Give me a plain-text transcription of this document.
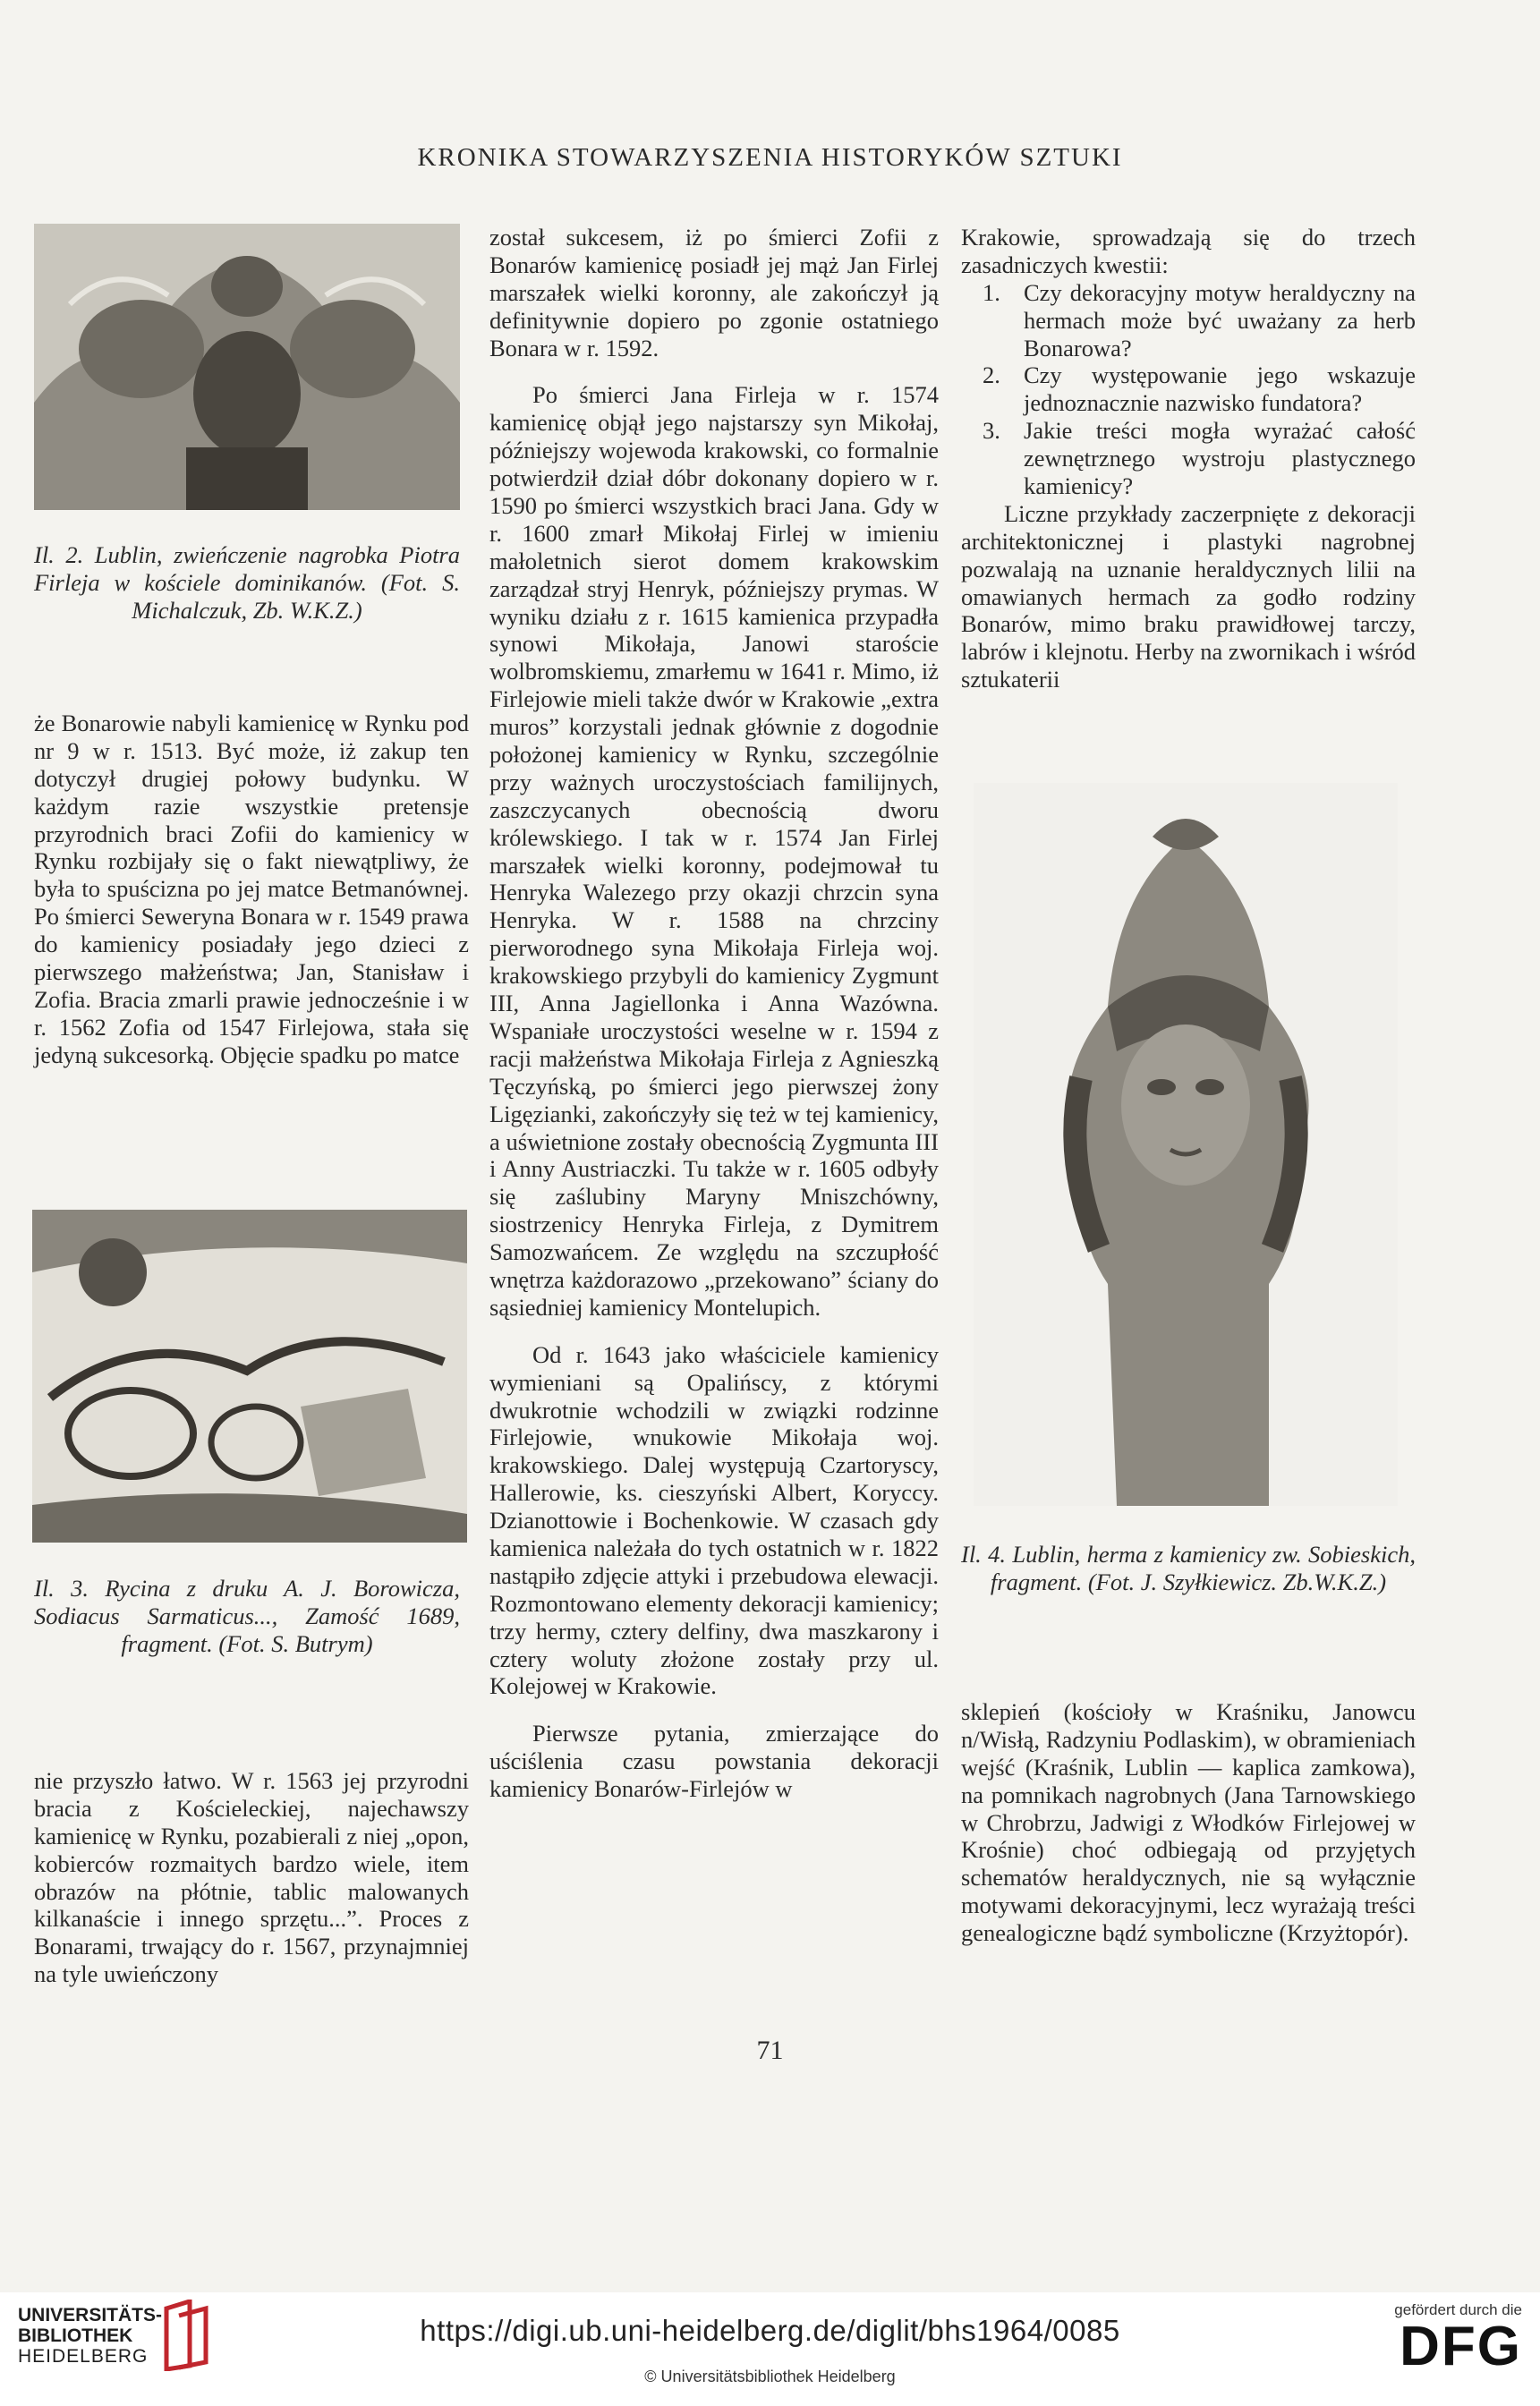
KRONIKA STOWARZYSZENIA HISTORYKÓW SZTUKI
Il. 2. Lublin, zwieńczenie nagrobka Piotra Firleja w kościele dominikanów. (Fot. S. Michalczuk, Zb. W.K.Z.)

że Bonarowie nabyli kamienicę w Rynku pod nr 9 w r. 1513. Być może, iż zakup ten dotyczył drugiej połowy budynku. W każdym razie wszystkie pretensje przyrodnich braci Zofii do kamienicy w Rynku rozbijały się o fakt niewątpliwy, że była to spuścizna po jej matce Betmanównej. Po śmierci Seweryna Bonara w r. 1549 prawa do kamienicy posiadały jego dzieci z pierwszego małżeństwa; Jan, Stanisław i Zofia. Bracia zmarli prawie jednocześnie i w r. 1562 Zofia od 1547 Firlejowa, stała się jedyną sukcesorką. Objęcie spadku po matce

Il. 3. Rycina z druku A. J. Borowicza, Sodiacus Sarmaticus..., Zamość 1689, fragment. (Fot. S. Butrym)

nie przyszło łatwo. W r. 1563 jej przyrodni bracia z Kościeleckiej, najechawszy kamienicę w Rynku, pozabierali z niej „opon, kobierców rozmaitych bardzo wiele, item obrazów na płótnie, tablic malowanych kilkanaście i innego sprzętu...”. Proces z Bonarami, trwający do r. 1567, przynajmniej na tyle uwieńczony

został sukcesem, iż po śmierci Zofii z Bonarów kamienicę posiadł jej mąż Jan Firlej marszałek wielki koronny, ale zakończył ją definitywnie dopiero po zgonie ostatniego Bonara w r. 1592.

Po śmierci Jana Firleja w r. 1574 kamienicę objął jego najstarszy syn Mikołaj, późniejszy wojewoda krakowski, co formalnie potwierdził dział dóbr dokonany dopiero w r. 1590 po śmierci wszystkich braci Jana. Gdy w r. 1600 zmarł Mikołaj Firlej w imieniu małoletnich sierot domem krakowskim zarządzał stryj Henryk, późniejszy prymas. W wyniku działu z r. 1615 kamienica przypadła synowi Mikołaja, Janowi staroście wolbromskiemu, zmarłemu w 1641 r. Mimo, iż Firlejowie mieli także dwór w Krakowie „extra muros” korzystali jednak głównie z dogodnie położonej kamienicy w Rynku, szczególnie przy ważnych uroczystościach familijnych, zaszczycanych obecnością dworu królewskiego. I tak w r. 1574 Jan Firlej marszałek wielki koronny, podejmował tu Henryka Walezego przy okazji chrzcin syna Henryka. W r. 1588 na chrzciny pierworodnego syna Mikołaja Firleja woj. krakowskiego przybyli do kamienicy Zygmunt III, Anna Jagiellonka i Anna Wazówna. Wspaniałe uroczystości weselne w r. 1594 z racji małżeństwa Mikołaja Firleja z Agnieszką Tęczyńską, po śmierci jego pierwszej żony Ligęzianki, zakończyły się też w tej kamienicy, a uświetnione zostały obecnością Zygmunta III i Anny Austriaczki. Tu także w r. 1605 odbyły się zaślubiny Maryny Mniszchówny, siostrzenicy Henryka Firleja, z Dymitrem Samozwańcem. Ze względu na szczupłość wnętrza każdorazowo „przekowano” ściany do sąsiedniej kamienicy Montelupich.

Od r. 1643 jako właściciele kamienicy wymieniani są Opalińscy, z którymi dwukrotnie wchodzili w związki rodzinne Firlejowie, wnukowie Mikołaja woj. krakowskiego. Dalej występują Czartoryscy, Hallerowie, ks. cieszyński Albert, Koryccy. Dzianottowie i Bochenkowie. W czasach gdy kamienica należała do tych ostatnich w r. 1822 nastąpiło zdjęcie attyki i przebudowa elewacji. Rozmontowano elementy dekoracji kamienicy; trzy hermy, cztery delfiny, dwa maszkarony i cztery woluty złożone zostały przy ul. Kolejowej w Krakowie.

Pierwsze pytania, zmierzające do uściślenia czasu powstania dekoracji kamienicy Bonarów-Firlejów w

Krakowie, sprowadzają się do trzech zasadniczych kwestii:

1. Czy dekoracyjny motyw heraldyczny na hermach może być uważany za herb Bonarowa?
2. Czy występowanie jego wskazuje jednoznacznie nazwisko fundatora?
3. Jakie treści mogła wyrażać całość zewnętrznego wystroju plastycznego kamienicy?

Liczne przykłady zaczerpnięte z dekoracji architektonicznej i plastyki nagrobnej pozwalają na uznanie heraldycznych lilii na omawianych hermach za godło rodziny Bonarów, mimo braku prawidłowej tarczy, labrów i klejnotu. Herby na zwornikach i wśród sztukaterii

Il. 4. Lublin, herma z kamienicy zw. Sobieskich, fragment. (Fot. J. Szyłkiewicz. Zb.W.K.Z.)

sklepień (kościoły w Kraśniku, Janowcu n/Wisłą, Radzyniu Podlaskim), w obramieniach wejść (Kraśnik, Lublin — kaplica zamkowa), na pomnikach nagrobnych (Jana Tarnowskiego w Chrobrzu, Jadwigi z Włodków Firlejowej w Krośnie) choć odbiegają od przyjętych schematów heraldycznych, nie są wyłącznie motywami dekoracyjnymi, lecz wyrażają treści genealogiczne bądź symboliczne (Krzyżtopór).

71
UNIVERSITÄTS-
BIBLIOTHEK
HEIDELBERG
https://digi.ub.uni-heidelberg.de/diglit/bhs1964/0085
© Universitätsbibliothek Heidelberg
gefördert durch die
DFG
